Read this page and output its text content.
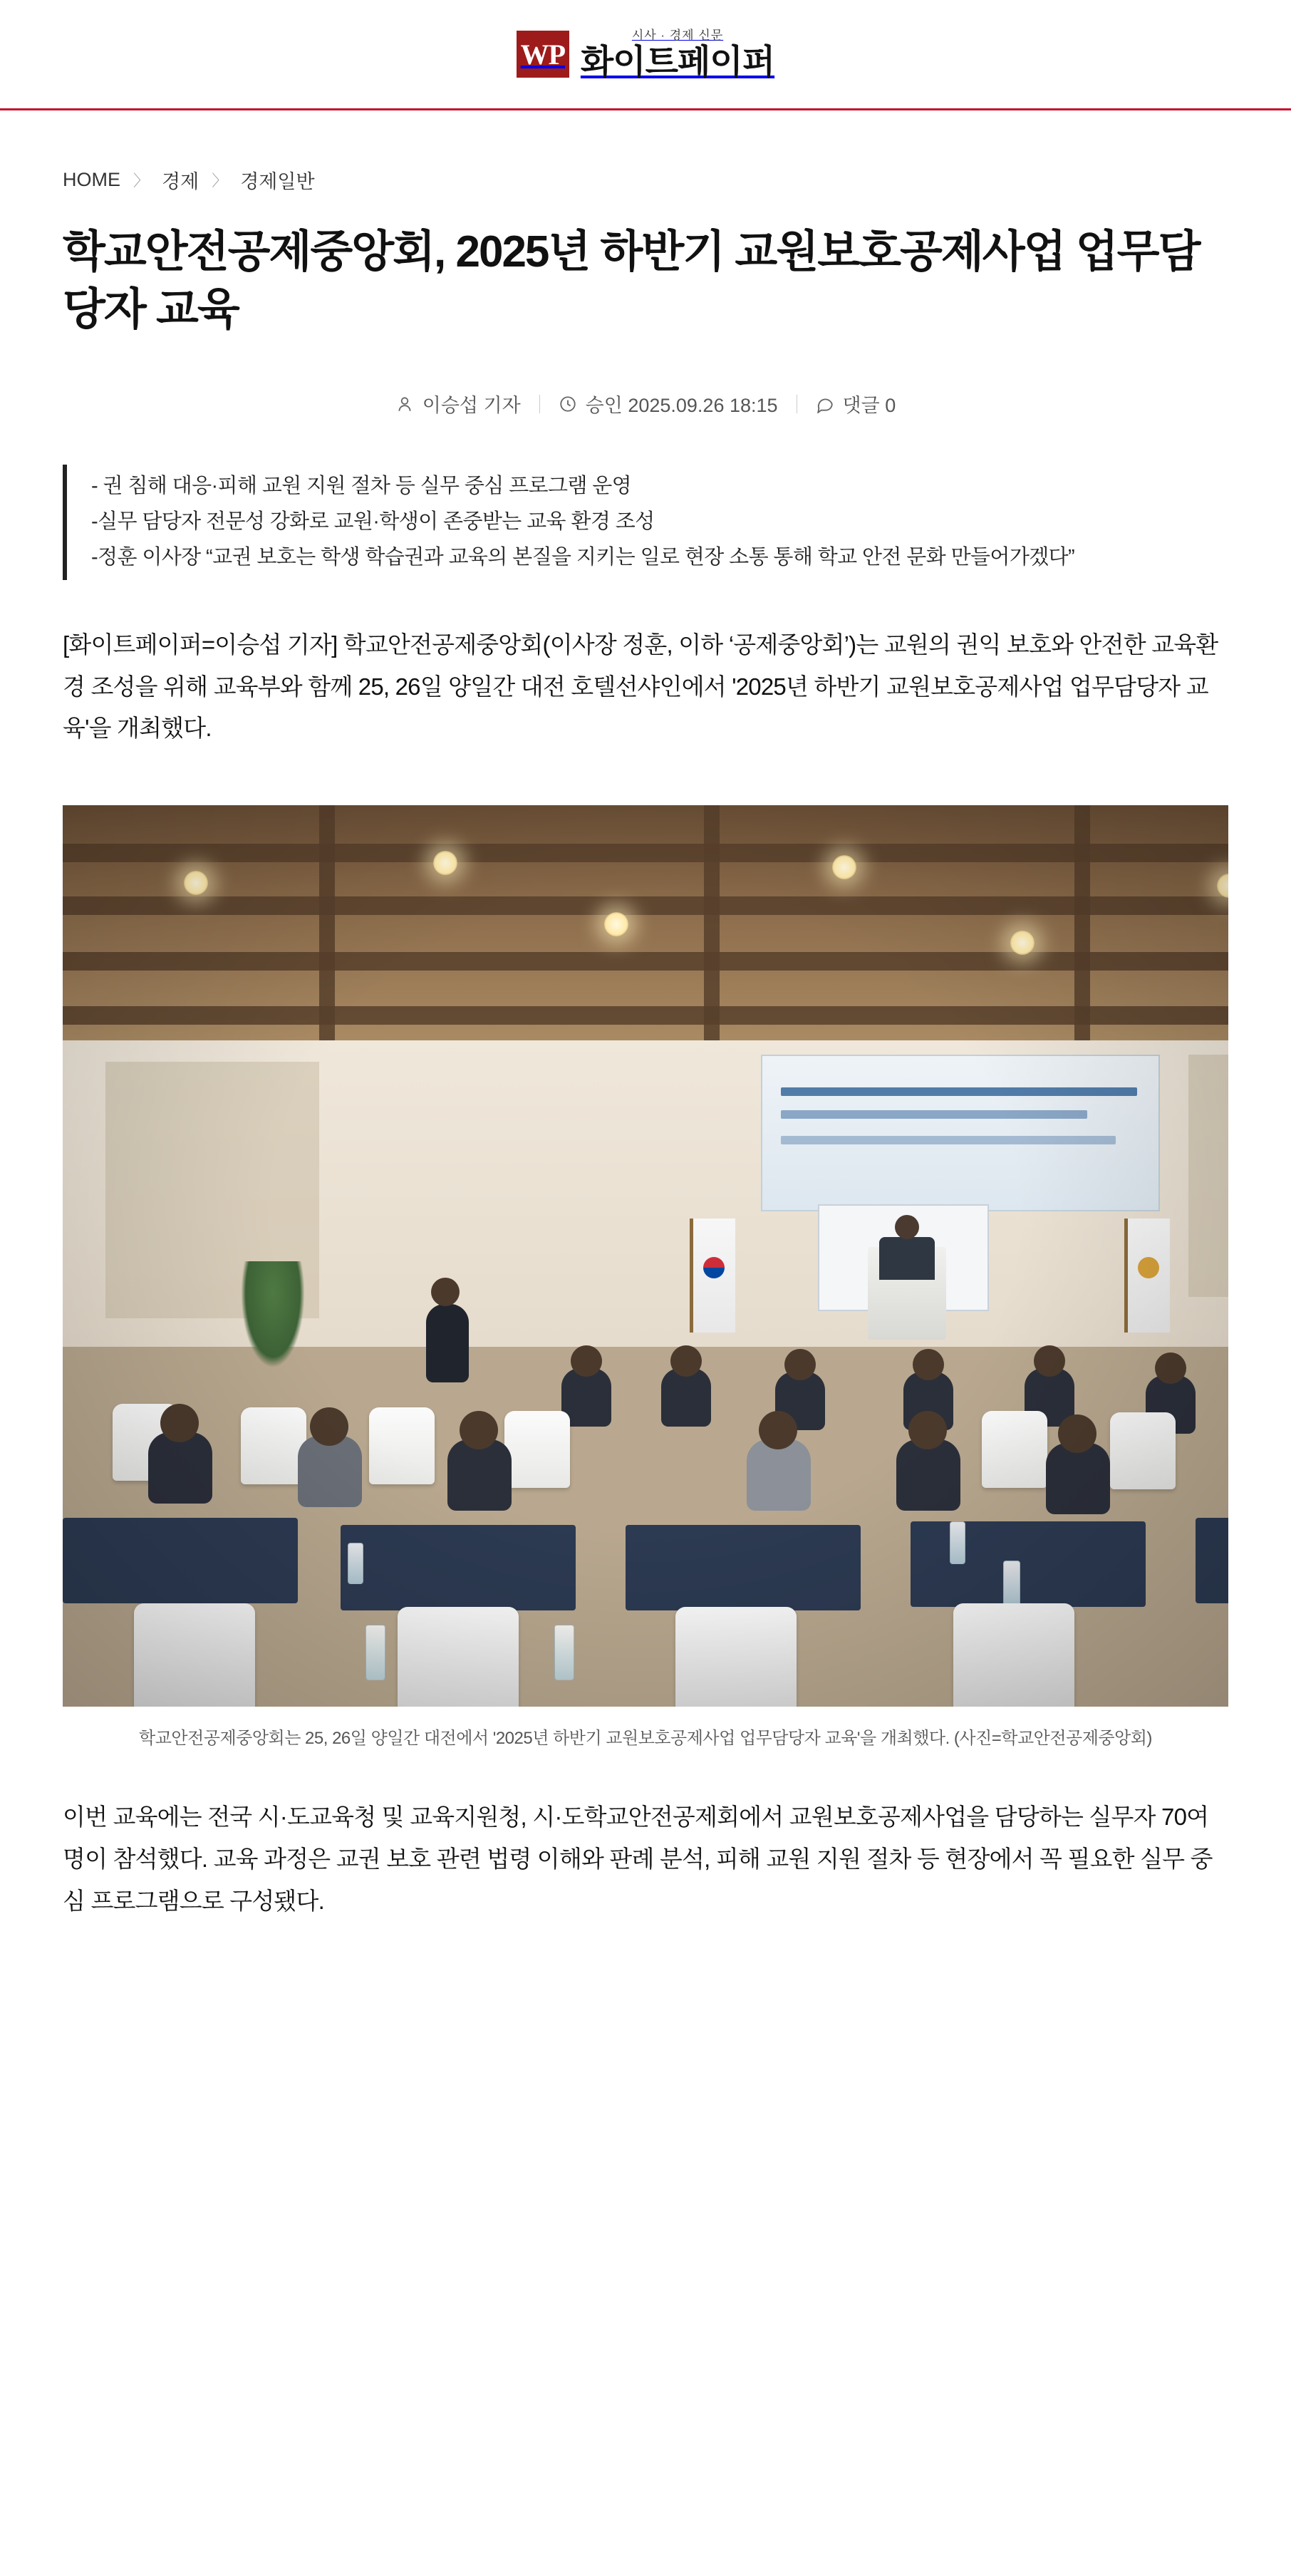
WP
시사 · 경제 신문
화이트페이퍼
HOME 〉 경제 〉 경제일반
학교안전공제중앙회, 2025년 하반기 교원보호공제사업 업무담당자 교육
이승섭 기자	승인 2025.09.26 18:15	댓글 0

- 권 침해 대응·피해 교원 지원 절차 등 실무 중심 프로그램 운영

-실무 담당자 전문성 강화로 교원·학생이 존중받는 교육 환경 조성

-정훈 이사장 “교권 보호는 학생 학습권과 교육의 본질을 지키는 일로 현장 소통 통해 학교 안전 문화 만들어가겠다”

[화이트페이퍼=이승섭 기자] 학교안전공제중앙회(이사장 정훈, 이하 ‘공제중앙회’)는 교원의 권익 보호와 안전한 교육환경 조성을 위해 교육부와 함께 25, 26일 양일간 대전 호텔선샤인에서 '2025년 하반기 교원보호공제사업 업무담당자 교육'을 개최했다.

학교안전공제중앙회는 25, 26일 양일간 대전에서 '2025년 하반기 교원보호공제사업 업무담당자 교육'을 개최했다. (사진=학교안전공제중앙회)

이번 교육에는 전국 시·도교육청 및 교육지원청, 시·도학교안전공제회에서 교원보호공제사업을 담당하는 실무자 70여 명이 참석했다. 교육 과정은 교권 보호 관련 법령 이해와 판례 분석, 피해 교원 지원 절차 등 현장에서 꼭 필요한 실무 중심 프로그램으로 구성됐다.
